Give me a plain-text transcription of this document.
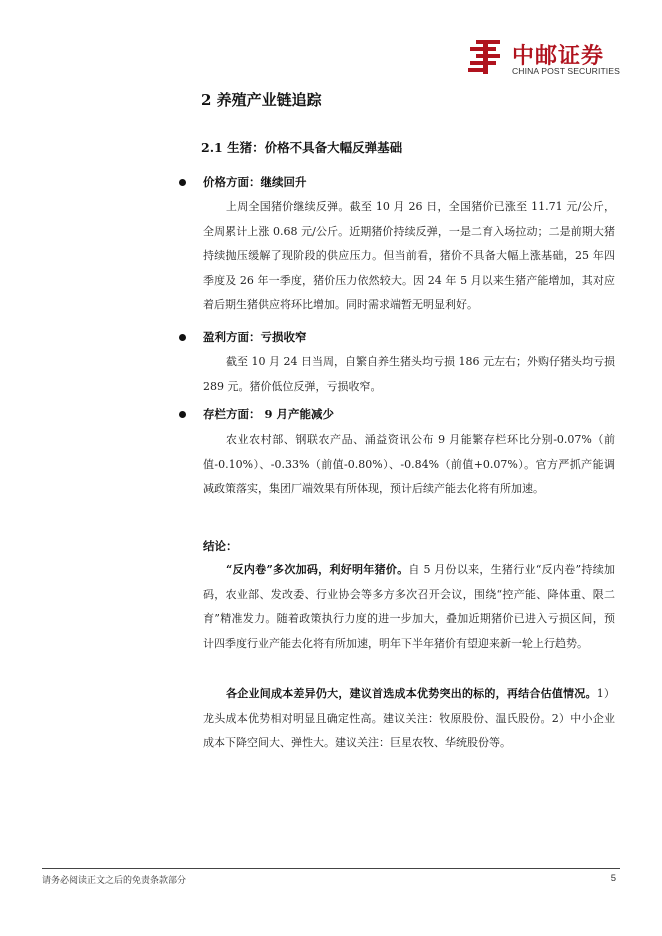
中邮证券
CHINA POST SECURITIES
2 养殖产业链追踪
2.1 生猪：价格不具备大幅反弹基础
价格方面：继续回升
上周全国猪价继续反弹。截至 10 月 26 日，全国猪价已涨至 11.71 元/公斤，全周累计上涨 0.68 元/公斤。近期猪价持续反弹，一是二育入场拉动；二是前期大猪持续抛压缓解了现阶段的供应压力。但当前看，猪价不具备大幅上涨基础，25 年四季度及 26 年一季度，猪价压力依然较大。因 24 年 5 月以来生猪产能增加，其对应着后期生猪供应将环比增加。同时需求端暂无明显利好。
盈利方面：亏损收窄
截至 10 月 24 日当周，自繁自养生猪头均亏损 186 元左右；外购仔猪头均亏损 289 元。猪价低位反弹，亏损收窄。
存栏方面： 9 月产能减少
农业农村部、钢联农产品、涌益资讯公布 9 月能繁存栏环比分别-0.07%（前值-0.10%）、-0.33%（前值-0.80%）、-0.84%（前值+0.07%）。官方严抓产能调减政策落实，集团厂端效果有所体现，预计后续产能去化将有所加速。
结论：
“反内卷”多次加码，利好明年猪价。自 5 月份以来，生猪行业“反内卷”持续加码，农业部、发改委、行业协会等多方多次召开会议，围绕“控产能、降体重、限二育”精准发力。随着政策执行力度的进一步加大，叠加近期猪价已进入亏损区间，预计四季度行业产能去化将有所加速，明年下半年猪价有望迎来新一轮上行趋势。
各企业间成本差异仍大，建议首选成本优势突出的标的，再结合估值情况。1）龙头成本优势相对明显且确定性高。建议关注：牧原股份、温氏股份。2）中小企业成本下降空间大、弹性大。建议关注：巨星农牧、华统股份等。
请务必阅读正文之后的免责条款部分	5
